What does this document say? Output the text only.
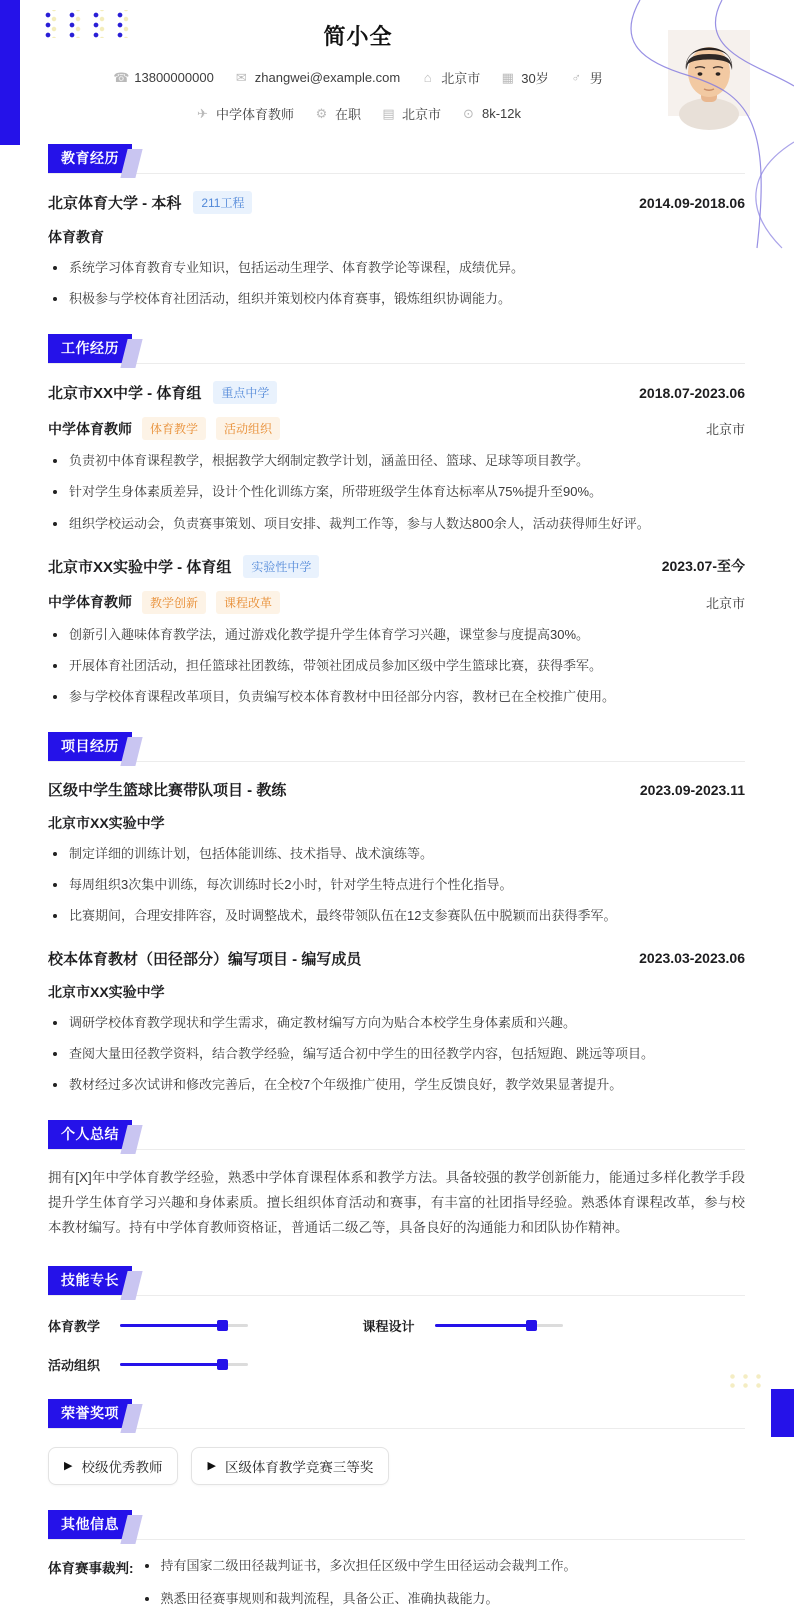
简小全
☎ 13800000000 ✉ zhangwei@example.com ⌂ 北京市 ▦ 30岁 ♂ 男
✈ 中学体育教师 ⚙ 在职 ▤ 北京市 ⊙ 8k-12k
教育经历
北京体育大学 - 本科	211工程	2014.09-2018.06
体育教育
系统学习体育教育专业知识，包括运动生理学、体育教学论等课程，成绩优异。
积极参与学校体育社团活动，组织并策划校内体育赛事，锻炼组织协调能力。
工作经历
北京市XX中学 - 体育组	重点中学	2018.07-2023.06
中学体育教师	体育教学	活动组织	北京市
负责初中体育课程教学，根据教学大纲制定教学计划，涵盖田径、篮球、足球等项目教学。
针对学生身体素质差异，设计个性化训练方案，所带班级学生体育达标率从75%提升至90%。
组织学校运动会，负责赛事策划、项目安排、裁判工作等，参与人数达800余人，活动获得师生好评。
北京市XX实验中学 - 体育组	实验性中学	2023.07-至今
中学体育教师	教学创新	课程改革	北京市
创新引入趣味体育教学法，通过游戏化教学提升学生体育学习兴趣，课堂参与度提高30%。
开展体育社团活动，担任篮球社团教练，带领社团成员参加区级中学生篮球比赛，获得季军。
参与学校体育课程改革项目，负责编写校本体育教材中田径部分内容，教材已在全校推广使用。
项目经历
区级中学生篮球比赛带队项目 - 教练	2023.09-2023.11
北京市XX实验中学
制定详细的训练计划，包括体能训练、技术指导、战术演练等。
每周组织3次集中训练，每次训练时长2小时，针对学生特点进行个性化指导。
比赛期间，合理安排阵容，及时调整战术，最终带领队伍在12支参赛队伍中脱颖而出获得季军。
校本体育教材（田径部分）编写项目 - 编写成员	2023.03-2023.06
北京市XX实验中学
调研学校体育教学现状和学生需求，确定教材编写方向为贴合本校学生身体素质和兴趣。
查阅大量田径教学资料，结合教学经验，编写适合初中学生的田径教学内容，包括短跑、跳远等项目。
教材经过多次试讲和修改完善后，在全校7个年级推广使用，学生反馈良好，教学效果显著提升。
个人总结

拥有[X]年中学体育教学经验，熟悉中学体育课程体系和教学方法。具备较强的教学创新能力，能通过多样化教学手段提升学生体育学习兴趣和身体素质。擅长组织体育活动和赛事，有丰富的社团指导经验。熟悉体育课程改革，参与校本教材编写。持有中学体育教师资格证，普通话二级乙等，具备良好的沟通能力和团队协作精神。

技能专长
体育教学	课程设计
活动组织
荣誉奖项
▶ 校级优秀教师	▶ 区级体育教学竞赛三等奖
其他信息
体育赛事裁判:	持有国家二级田径裁判证书，多次担任区级中学生田径运动会裁判工作。
熟悉田径赛事规则和裁判流程，具备公正、准确执裁能力。
